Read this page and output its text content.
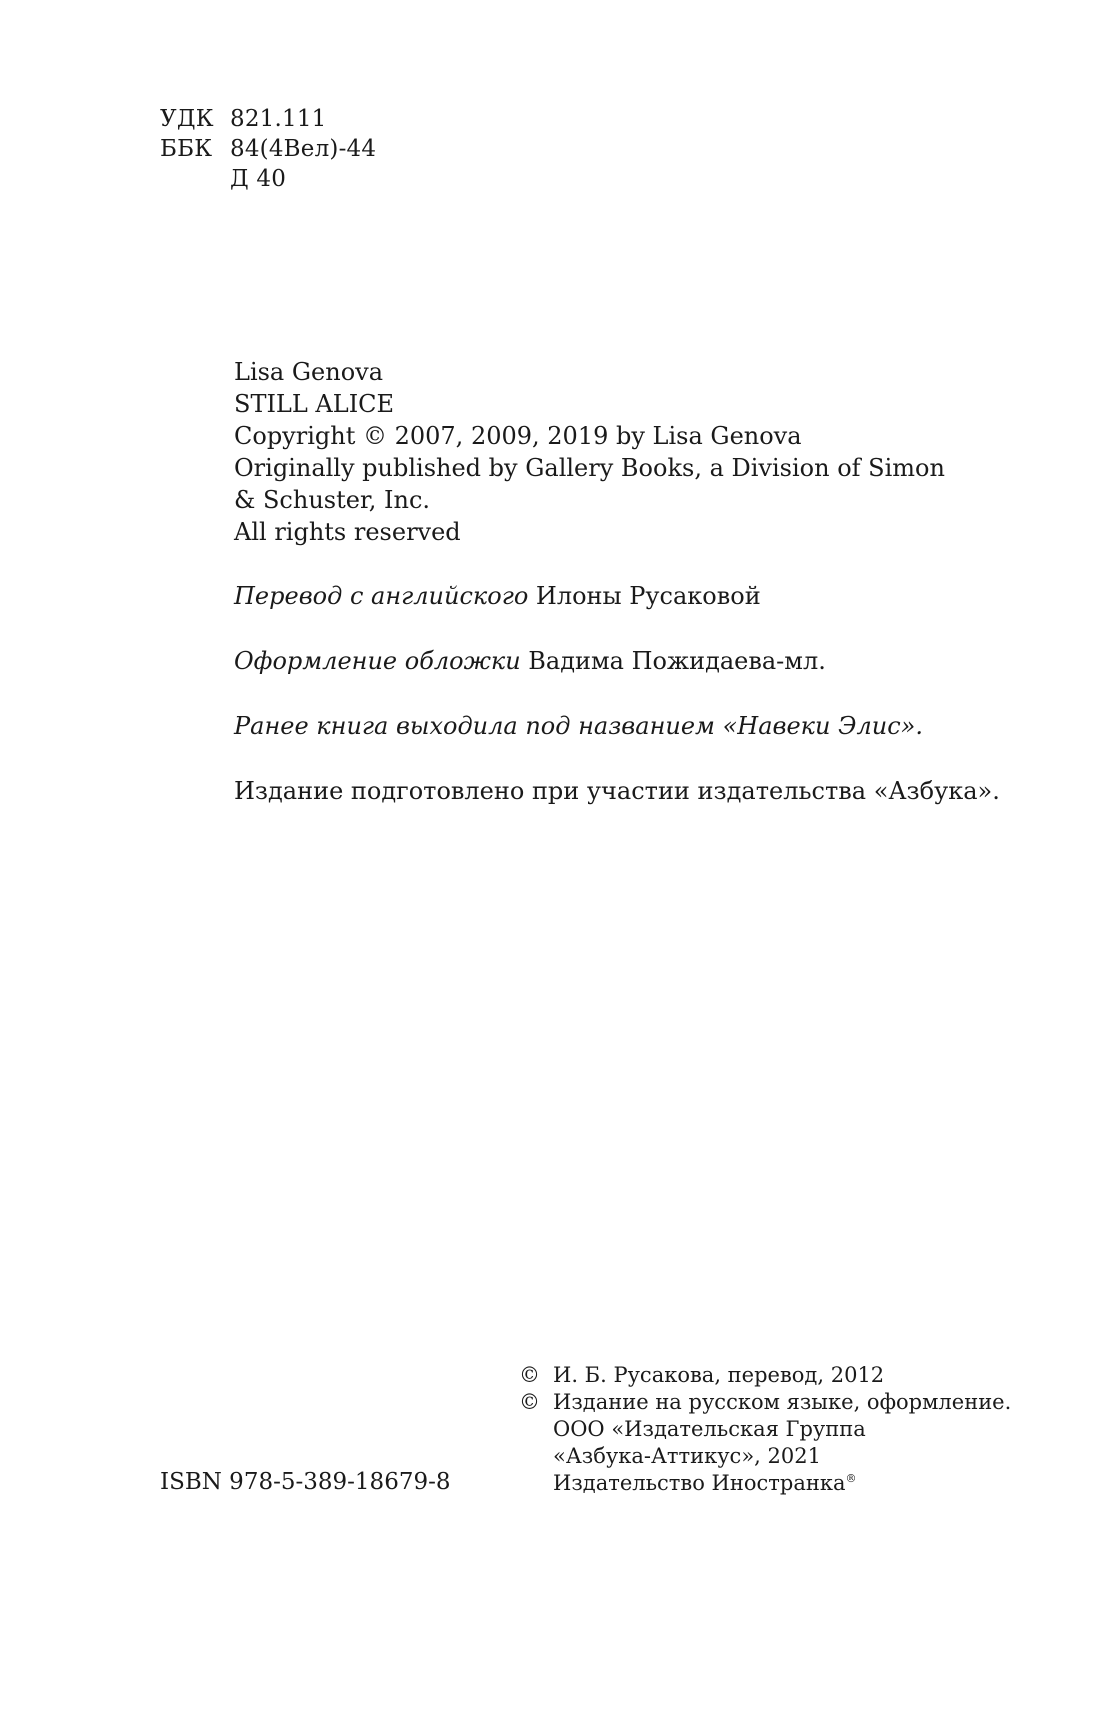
УДК 821.111
ББК 84(4Вел)-44
Д 40
Lisa Genova
STILL ALICE
Copyright © 2007, 2009, 2019 by Lisa Genova
Originally published by Gallery Books, a Division of Simon
& Schuster, Inc.
All rights reserved
Перевод с английского Илоны Русаковой
Оформление обложки Вадима Пожидаева-мл.
Ранее книга выходила под названием «Навеки Элис».
Издание подготовлено при участии издательства «Азбука».
© И. Б. Русакова, перевод, 2012
© Издание на русском языке, оформление.
ООО «Издательская Группа
«Азбука-Аттикус», 2021
Издательство Иностранка®
ISBN 978-5-389-18679-8
